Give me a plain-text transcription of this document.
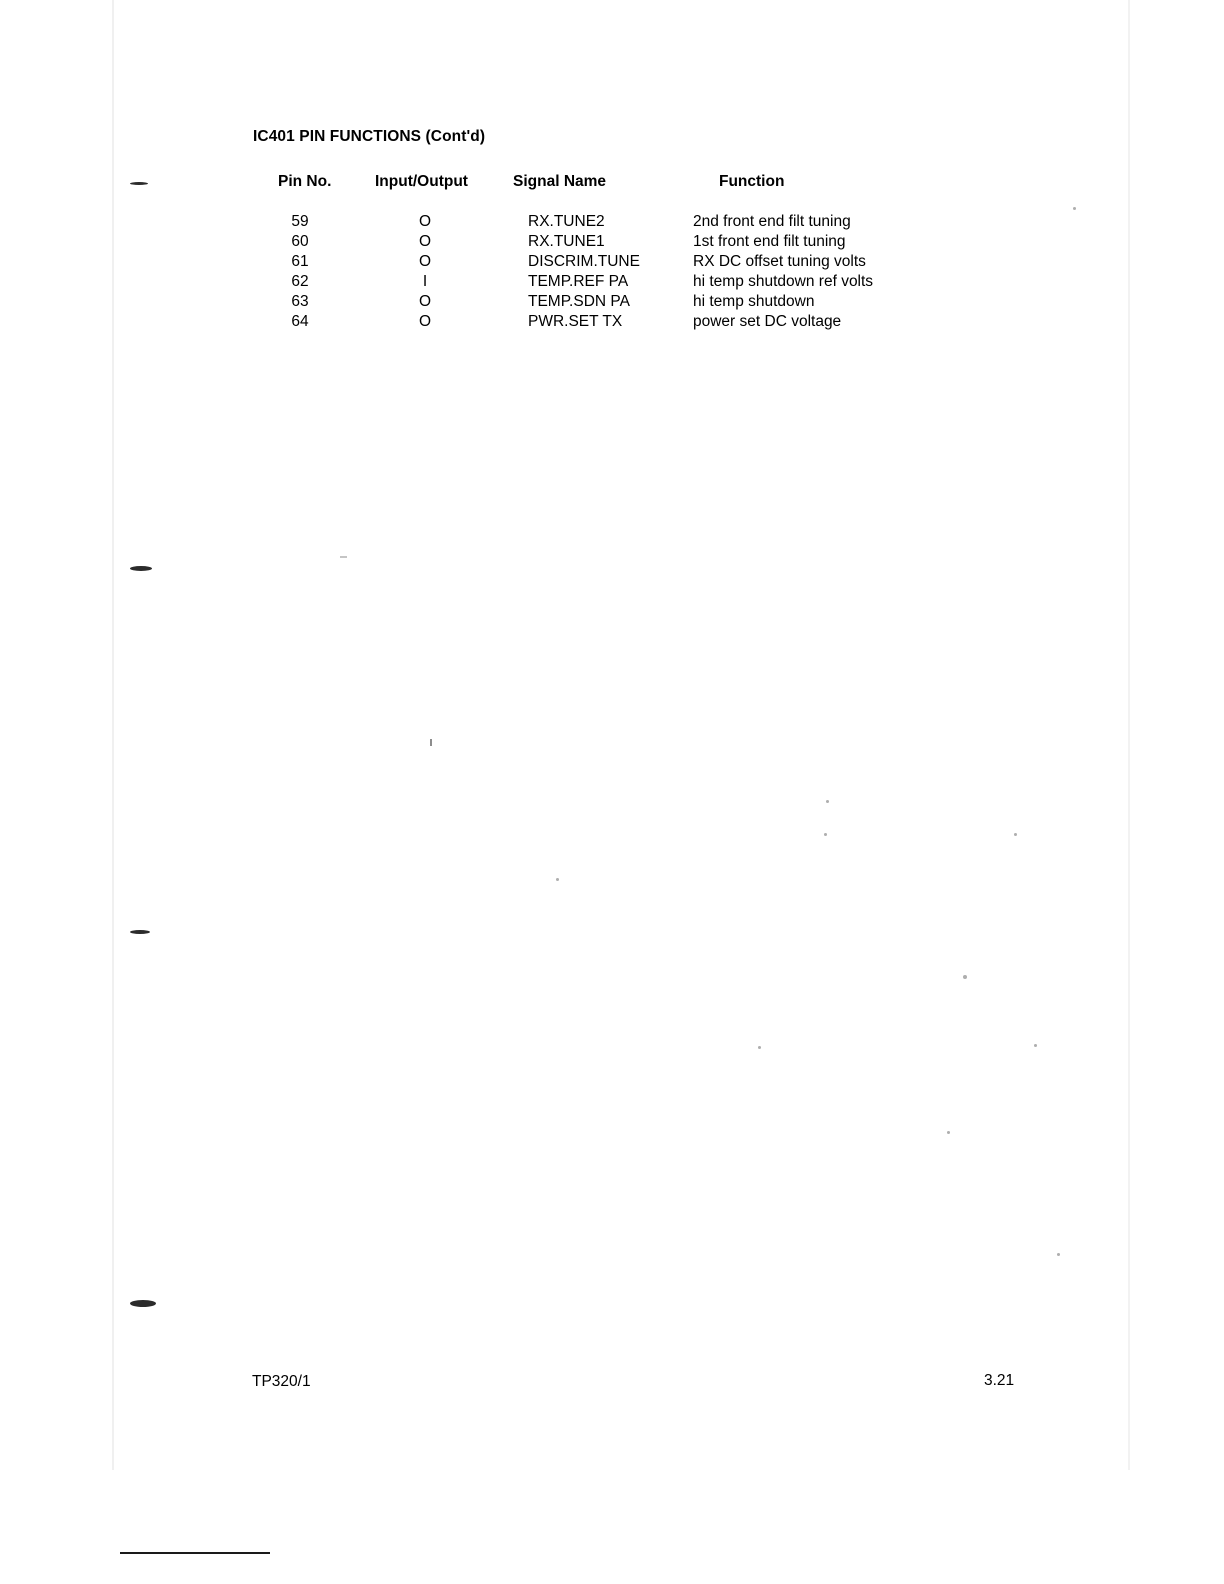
IC401 PIN FUNCTIONS (Cont'd)
Pin No.	Input/Output	Signal Name	Function
59	O	RX.TUNE2	2nd front end filt tuning
60	O	RX.TUNE1	1st front end filt tuning
61	O	DISCRIM.TUNE	RX DC offset tuning volts
62	I	TEMP.REF PA	hi temp shutdown ref volts
63	O	TEMP.SDN PA	hi temp shutdown
64	O	PWR.SET TX	power set DC voltage
TP320/1	3.21
